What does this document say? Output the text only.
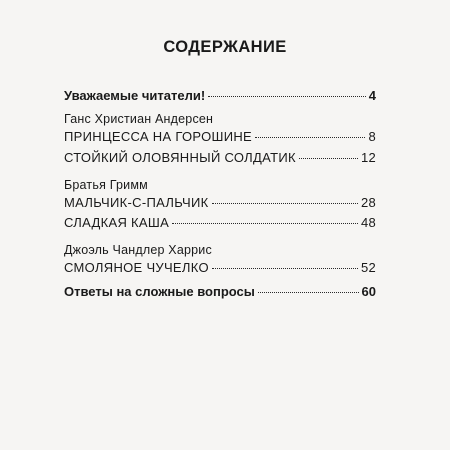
СОДЕРЖАНИЕ
Уважаемые читатели!	4
Ганс Христиан Андерсен
ПРИНЦЕССА НА ГОРОШИНЕ	8
СТОЙКИЙ ОЛОВЯННЫЙ СОЛДАТИК	12
Братья Гримм
МАЛЬЧИК-С-ПАЛЬЧИК	28
СЛАДКАЯ КАША	48
Джоэль Чандлер Харрис
СМОЛЯНОЕ ЧУЧЕЛКО	52
Ответы на сложные вопросы	60
